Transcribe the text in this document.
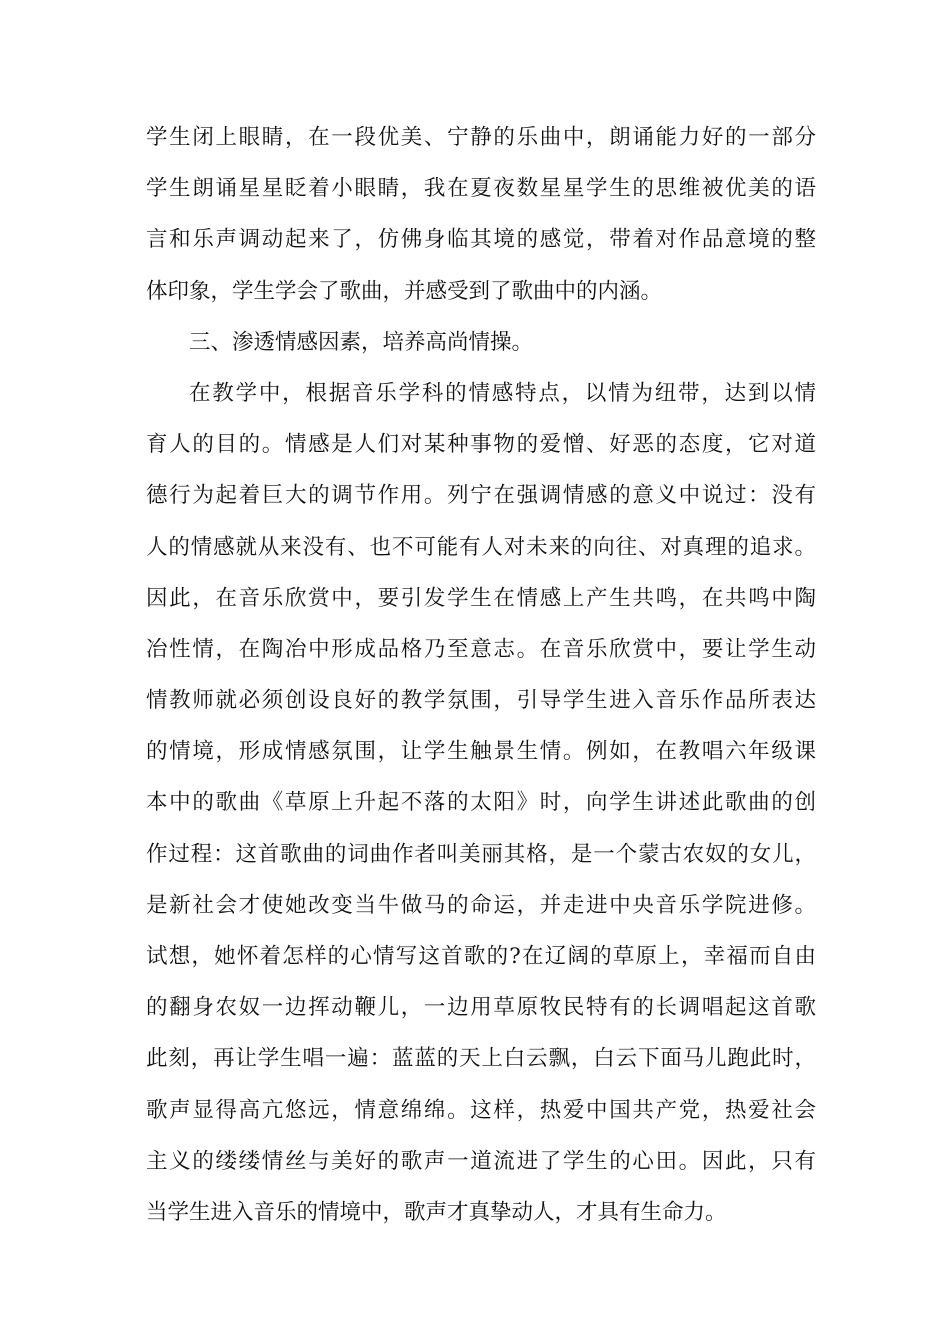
学生闭上眼睛，在一段优美、宁静的乐曲中，朗诵能力好的一部分
学生朗诵星星眨着小眼睛，我在夏夜数星星学生的思维被优美的语
言和乐声调动起来了，仿佛身临其境的感觉，带着对作品意境的整
体印象，学生学会了歌曲，并感受到了歌曲中的内涵。
三、渗透情感因素，培养高尚情操。
在教学中，根据音乐学科的情感特点，以情为纽带，达到以情
育人的目的。情感是人们对某种事物的爱憎、好恶的态度，它对道
德行为起着巨大的调节作用。列宁在强调情感的意义中说过：没有
人的情感就从来没有、也不可能有人对未来的向往、对真理的追求。
因此，在音乐欣赏中，要引发学生在情感上产生共鸣，在共鸣中陶
冶性情，在陶冶中形成品格乃至意志。在音乐欣赏中，要让学生动
情教师就必须创设良好的教学氛围，引导学生进入音乐作品所表达
的情境，形成情感氛围，让学生触景生情。例如，在教唱六年级课
本中的歌曲《草原上升起不落的太阳》时，向学生讲述此歌曲的创
作过程：这首歌曲的词曲作者叫美丽其格，是一个蒙古农奴的女儿，
是新社会才使她改变当牛做马的命运，并走进中央音乐学院进修。
试想，她怀着怎样的心情写这首歌的?在辽阔的草原上，幸福而自由
的翻身农奴一边挥动鞭儿，一边用草原牧民特有的长调唱起这首歌
此刻，再让学生唱一遍：蓝蓝的天上白云飘，白云下面马儿跑此时，
歌声显得高亢悠远，情意绵绵。这样，热爱中国共产党，热爱社会
主义的缕缕情丝与美好的歌声一道流进了学生的心田。因此，只有
当学生进入音乐的情境中，歌声才真挚动人，才具有生命力。
